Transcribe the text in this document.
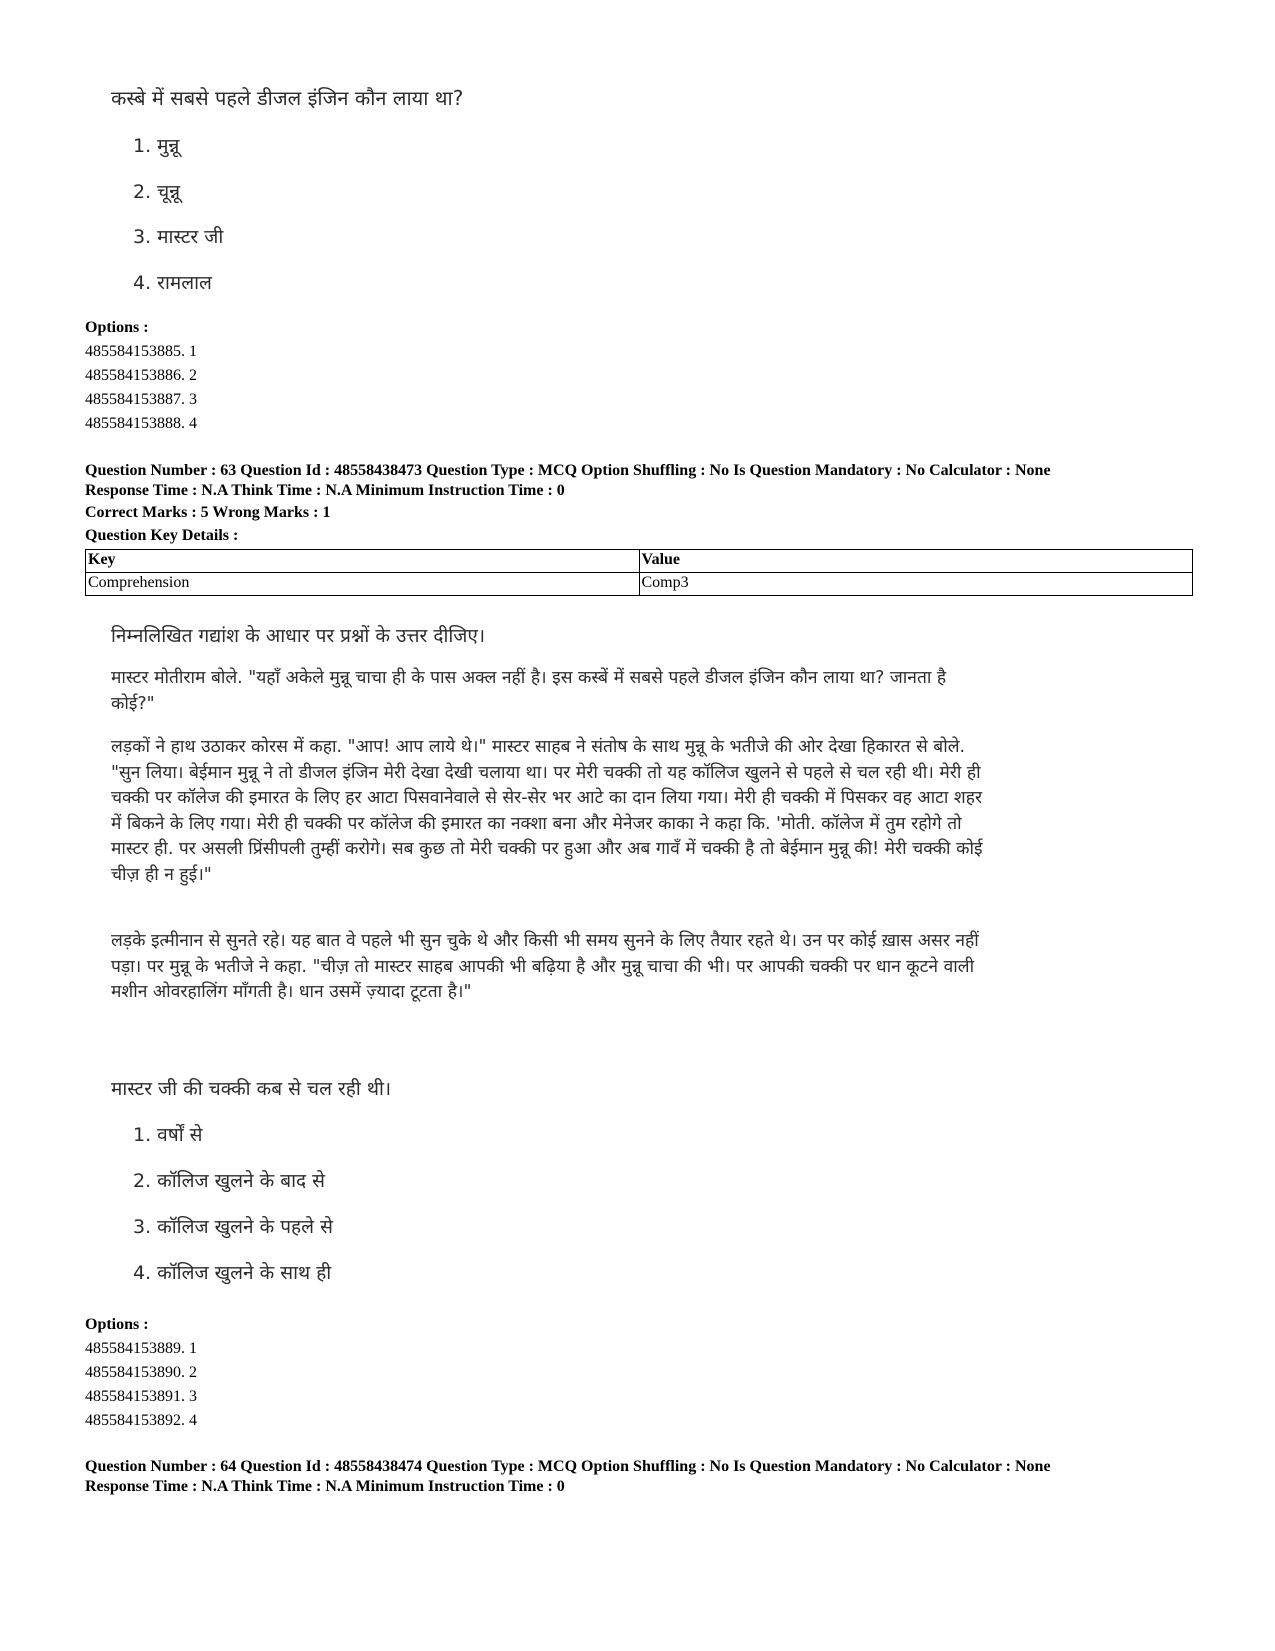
कस्बे में सबसे पहले डीजल इंजिन कौन लाया था?
1. मुन्नू
2. चून्नू
3. मास्टर जी
4. रामलाल
Options :
485584153885. 1
485584153886. 2
485584153887. 3
485584153888. 4
Question Number : 63 Question Id : 48558438473 Question Type : MCQ Option Shuffling : No Is Question Mandatory : No Calculator : None
Response Time : N.A Think Time : N.A Minimum Instruction Time : 0
Correct Marks : 5 Wrong Marks : 1
Question Key Details :
Key	Value
Comprehension	Comp3
निम्नलिखित गद्यांश के आधार पर प्रश्नों के उत्तर दीजिए।

मास्टर मोतीराम बोले. "यहाँ अकेले मुन्नू चाचा ही के पास अक्ल नहीं है। इस कस्बें में सबसे पहले डीजल इंजिन कौन लाया था? जानता है कोई?"

लड़कों ने हाथ उठाकर कोरस में कहा. "आप! आप लाये थे।" मास्टर साहब ने संतोष के साथ मुन्नू के भतीजे की ओर देखा हिकारत से बोले. "सुन लिया। बेईमान मुन्नू ने तो डीजल इंजिन मेरी देखा देखी चलाया था। पर मेरी चक्की तो यह कॉलिज खुलने से पहले से चल रही थी। मेरी ही चक्की पर कॉलेज की इमारत के लिए हर आटा पिसवानेवाले से सेर-सेर भर आटे का दान लिया गया। मेरी ही चक्की में पिसकर वह आटा शहर में बिकने के लिए गया। मेरी ही चक्की पर कॉलेज की इमारत का नक्शा बना और मेनेजर काका ने कहा कि. 'मोती. कॉलेज में तुम रहोगे तो मास्टर ही. पर असली प्रिंसीपली तुम्हीं करोगे। सब कुछ तो मेरी चक्की पर हुआ और अब गावँ में चक्की है तो बेईमान मुन्नू की! मेरी चक्की कोई चीज़ ही न हुई।"

लड़के इत्मीनान से सुनते रहे। यह बात वे पहले भी सुन चुके थे और किसी भी समय सुनने के लिए तैयार रहते थे। उन पर कोई ख़ास असर नहीं पड़ा। पर मुन्नू के भतीजे ने कहा. "चीज़ तो मास्टर साहब आपकी भी बढ़िया है और मुन्नू चाचा की भी। पर आपकी चक्की पर धान कूटने वाली मशीन ओवरहालिंग माँगती है। धान उसमें ज़्यादा टूटता है।"

मास्टर जी की चक्की कब से चल रही थी।
1. वर्षों से
2. कॉलिज खुलने के बाद से
3. कॉलिज खुलने के पहले से
4. कॉलिज खुलने के साथ ही
Options :
485584153889. 1
485584153890. 2
485584153891. 3
485584153892. 4
Question Number : 64 Question Id : 48558438474 Question Type : MCQ Option Shuffling : No Is Question Mandatory : No Calculator : None
Response Time : N.A Think Time : N.A Minimum Instruction Time : 0
